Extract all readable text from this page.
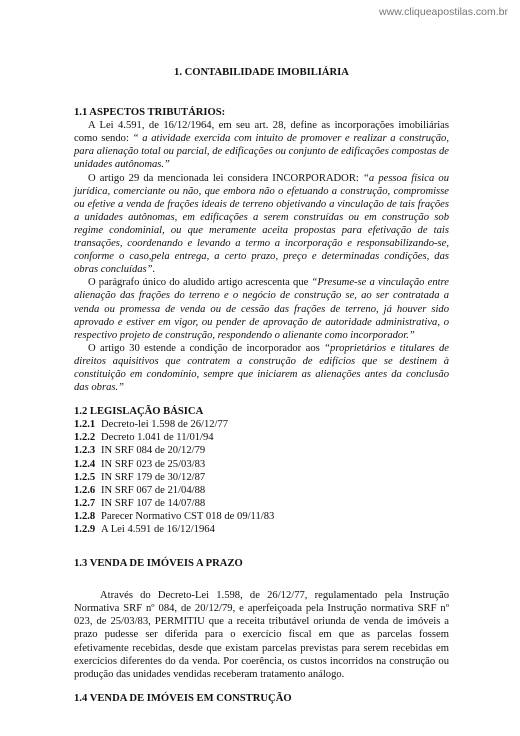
www.cliqueapostilas.com.br
1. CONTABILIDADE IMOBILIÁRIA
1.1 ASPECTOS TRIBUTÁRIOS:

A Lei 4.591, de 16/12/1964, em seu art. 28, define as incorporações imobiliárias como sendo: “ a atividade exercida com intuito de promover e realizar a construção, para alienação total ou parcial, de edificações ou conjunto de edificações compostas de unidades autônomas.”

O artigo 29 da mencionada lei considera INCORPORADOR: “a pessoa física ou jurídica, comerciante ou não, que embora não o efetuando a construção, compromisse ou efetive a venda de frações ideais de terreno objetivando a vinculação de tais frações a unidades autônomas, em edificações a serem construídas ou em construção sob regime condominial, ou que meramente aceita propostas para efetivação de tais transações, coordenando e levando a termo a incorporação e responsabilizando-se, conforme o caso,pela entrega, a certo prazo, preço e determinadas condições, das obras concluídas”.

O parágrafo único do aludido artigo acrescenta que “Presume-se a vinculação entre alienação das frações do terreno e o negócio de construção se, ao ser contratada a venda ou promessa de venda ou de cessão das frações de terreno, já houver sido aprovado e estiver em vigor, ou pender de aprovação de autoridade administrativa, o respectivo projeto de construção, respondendo o alienante como incorporador.”

O artigo 30 estende a condição de incorporador aos “proprietários e titulares de direitos aquisitivos que contratem a construção de edifícios que se destinem à constituição em condomínio, sempre que iniciarem as alienações antes da conclusão das obras.”

1.2 LEGISLAÇÃO BÁSICA
1.2.1 Decreto-lei 1.598 de 26/12/77
1.2.2 Decreto 1.041 de 11/01/94
1.2.3 IN SRF 084 de 20/12/79
1.2.4 IN SRF 023 de 25/03/83
1.2.5 IN SRF 179 de 30/12/87
1.2.6 IN SRF 067 de 21/04/88
1.2.7 IN SRF 107 de 14/07/88
1.2.8 Parecer Normativo CST 018 de 09/11/83
1.2.9 A Lei 4.591 de 16/12/1964
1.3 VENDA DE IMÓVEIS A PRAZO

Através do Decreto-Lei 1.598, de 26/12/77, regulamentado pela Instrução Normativa SRF nº 084, de 20/12/79, e aperfeiçoada pela Instrução normativa SRF nº 023, de 25/03/83, PERMITIU que a receita tributável oriunda de venda de imóveis a prazo pudesse ser diferida para o exercício fiscal em que as parcelas fossem efetivamente recebidas, desde que existam parcelas previstas para serem recebidas em exercícios diferentes do da venda. Por coerência, os custos incorridos na construção ou produção das unidades vendidas receberam tratamento análogo.

1.4 VENDA DE IMÓVEIS EM CONSTRUÇÃO
